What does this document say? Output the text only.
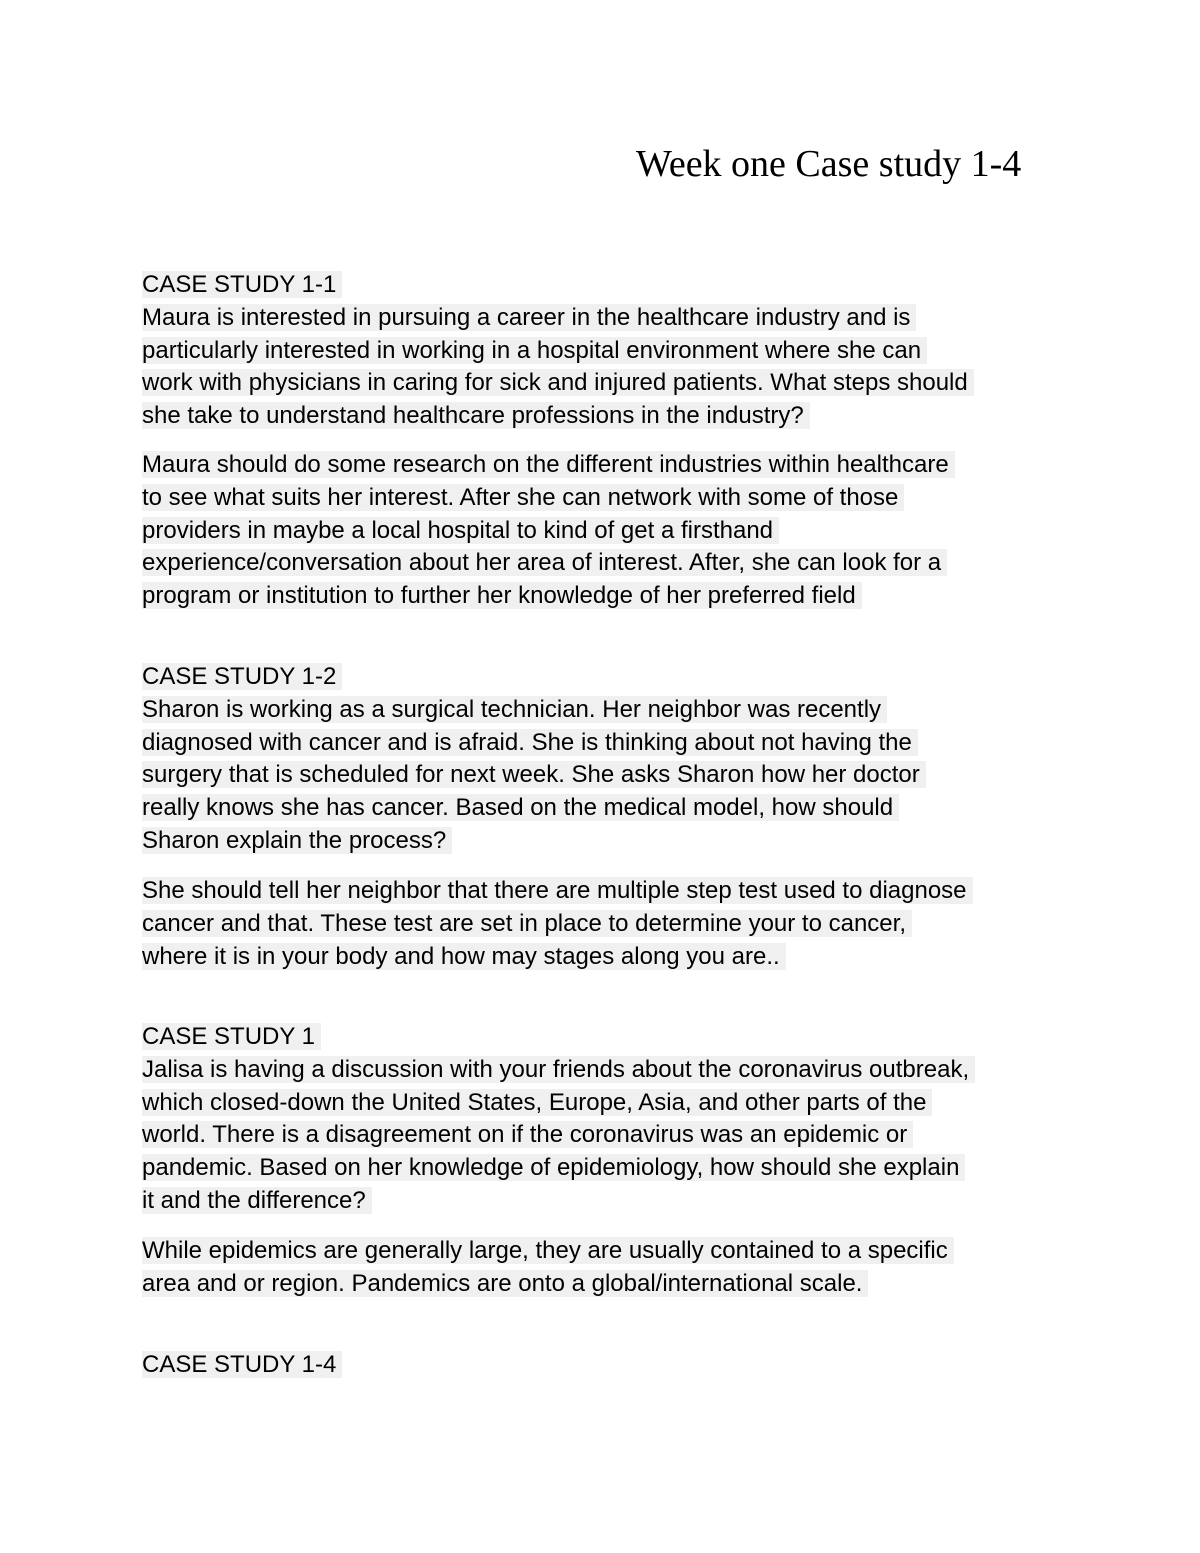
Week one Case study 1-4
CASE STUDY 1-1
Maura is interested in pursuing a career in the healthcare industry and is
particularly interested in working in a hospital environment where she can
work with physicians in caring for sick and injured patients. What steps should
she take to understand healthcare professions in the industry?
Maura should do some research on the different industries within healthcare
to see what suits her interest. After she can network with some of those
providers in maybe a local hospital to kind of get a firsthand
experience/conversation about her area of interest. After, she can look for a
program or institution to further her knowledge of her preferred field
CASE STUDY 1-2
Sharon is working as a surgical technician. Her neighbor was recently
diagnosed with cancer and is afraid. She is thinking about not having the
surgery that is scheduled for next week. She asks Sharon how her doctor
really knows she has cancer. Based on the medical model, how should
Sharon explain the process?
She should tell her neighbor that there are multiple step test used to diagnose
cancer and that. These test are set in place to determine your to cancer,
where it is in your body and how may stages along you are..
CASE STUDY 1
Jalisa is having a discussion with your friends about the coronavirus outbreak,
which closed-down the United States, Europe, Asia, and other parts of the
world. There is a disagreement on if the coronavirus was an epidemic or
pandemic. Based on her knowledge of epidemiology, how should she explain
it and the difference?
While epidemics are generally large, they are usually contained to a specific
area and or region. Pandemics are onto a global/international scale.
CASE STUDY 1-4
